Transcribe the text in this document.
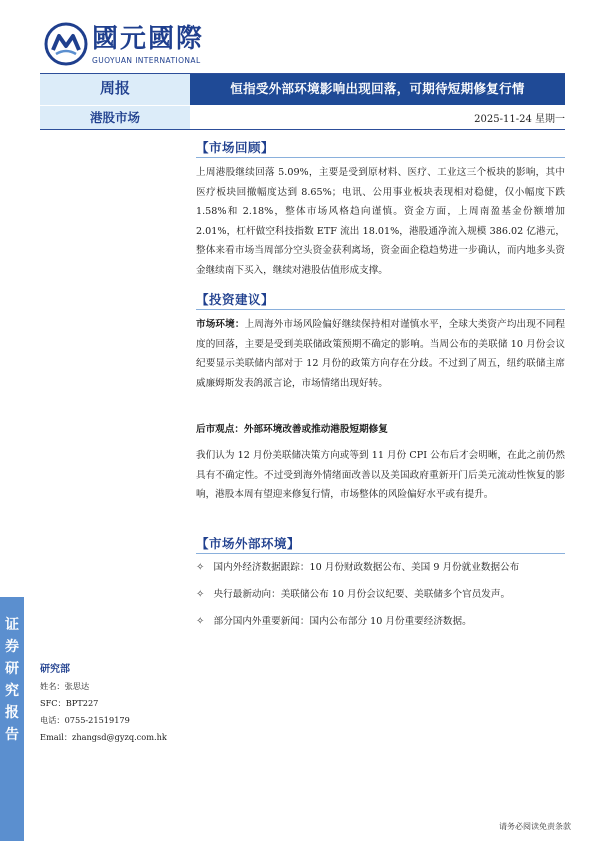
國元國際
GUOYUAN INTERNATIONAL
周报	恒指受外部环境影响出现回落，可期待短期修复行情
港股市场	2025-11-24 星期一
证
券
研
究
报
告
【市场回顾】
上周港股继续回落 5.09%，主要是受到原材料、医疗、工业这三个板块的影响，其中医疗板块回撤幅度达到 8.65%；电讯、公用事业板块表现相对稳健，仅小幅度下跌 1.58%和 2.18%，整体市场风格趋向谨慎。资金方面，上周南盈基金份额增加 2.01%，杠杆做空科技指数 ETF 流出 18.01%，港股通净流入规模 386.02 亿港元，整体来看市场当周部分空头资金获利离场，资金面企稳趋势进一步确认，而内地多头资金继续南下买入，继续对港股估值形成支撑。
【投资建议】
市场环境：上周海外市场风险偏好继续保持相对谨慎水平，全球大类资产均出现不同程度的回落，主要是受到美联储政策预期不确定的影响。当周公布的美联储 10 月份会议纪要显示美联储内部对于 12 月份的政策方向存在分歧。不过到了周五，纽约联储主席威廉姆斯发表鸽派言论，市场情绪出现好转。
后市观点：外部环境改善或推动港股短期修复
我们认为 12 月份美联储决策方向或等到 11 月份 CPI 公布后才会明晰，在此之前仍然具有不确定性。不过受到海外情绪面改善以及美国政府重新开门后美元流动性恢复的影响，港股本周有望迎来修复行情，市场整体的风险偏好水平或有提升。
【市场外部环境】
✧ 国内外经济数据跟踪：10 月份财政数据公布、美国 9 月份就业数据公布
✧ 央行最新动向：美联储公布 10 月份会议纪要、美联储多个官员发声。
✧ 部分国内外重要新闻：国内公布部分 10 月份重要经济数据。
研究部
姓名：张思达
SFC：BPT227
电话：0755-21519179
Email：zhangsd@gyzq.com.hk
请务必阅读免责条款
